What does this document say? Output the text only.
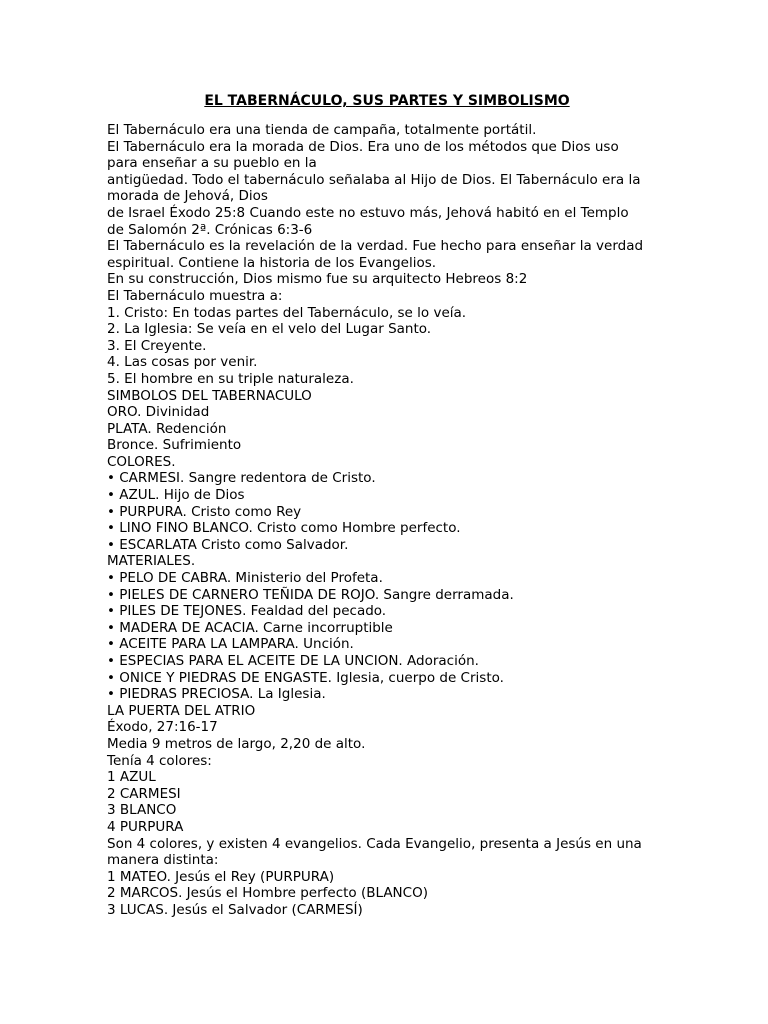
EL TABERNÁCULO, SUS PARTES Y SIMBOLISMO
El Tabernáculo era una tienda de campaña, totalmente portátil.
El Tabernáculo era la morada de Dios. Era uno de los métodos que Dios uso
para enseñar a su pueblo en la
antigüedad. Todo el tabernáculo señalaba al Hijo de Dios. El Tabernáculo era la
morada de Jehová, Dios
de Israel Éxodo 25:8 Cuando este no estuvo más, Jehová habitó en el Templo
de Salomón 2ª. Crónicas 6:3-6
El Tabernáculo es la revelación de la verdad. Fue hecho para enseñar la verdad
espiritual. Contiene la historia de los Evangelios.
En su construcción, Dios mismo fue su arquitecto Hebreos 8:2
El Tabernáculo muestra a:
1. Cristo: En todas partes del Tabernáculo, se lo veía.
2. La Iglesia: Se veía en el velo del Lugar Santo.
3. El Creyente.
4. Las cosas por venir.
5. El hombre en su triple naturaleza.
SIMBOLOS DEL TABERNACULO
ORO. Divinidad
PLATA. Redención
Bronce. Sufrimiento
COLORES.
• CARMESI. Sangre redentora de Cristo.
• AZUL. Hijo de Dios
• PURPURA. Cristo como Rey
• LINO FINO BLANCO. Cristo como Hombre perfecto.
• ESCARLATA Cristo como Salvador.
MATERIALES.
• PELO DE CABRA. Ministerio del Profeta.
• PIELES DE CARNERO TEÑIDA DE ROJO. Sangre derramada.
• PILES DE TEJONES. Fealdad del pecado.
• MADERA DE ACACIA. Carne incorruptible
• ACEITE PARA LA LAMPARA. Unción.
• ESPECIAS PARA EL ACEITE DE LA UNCION. Adoración.
• ONICE Y PIEDRAS DE ENGASTE. Iglesia, cuerpo de Cristo.
• PIEDRAS PRECIOSA. La Iglesia.
LA PUERTA DEL ATRIO
Éxodo, 27:16-17
Media 9 metros de largo, 2,20 de alto.
Tenía 4 colores:
1 AZUL
2 CARMESI
3 BLANCO
4 PURPURA
Son 4 colores, y existen 4 evangelios. Cada Evangelio, presenta a Jesús en una
manera distinta:
1 MATEO. Jesús el Rey (PURPURA)
2 MARCOS. Jesús el Hombre perfecto (BLANCO)
3 LUCAS. Jesús el Salvador (CARMESÍ)
